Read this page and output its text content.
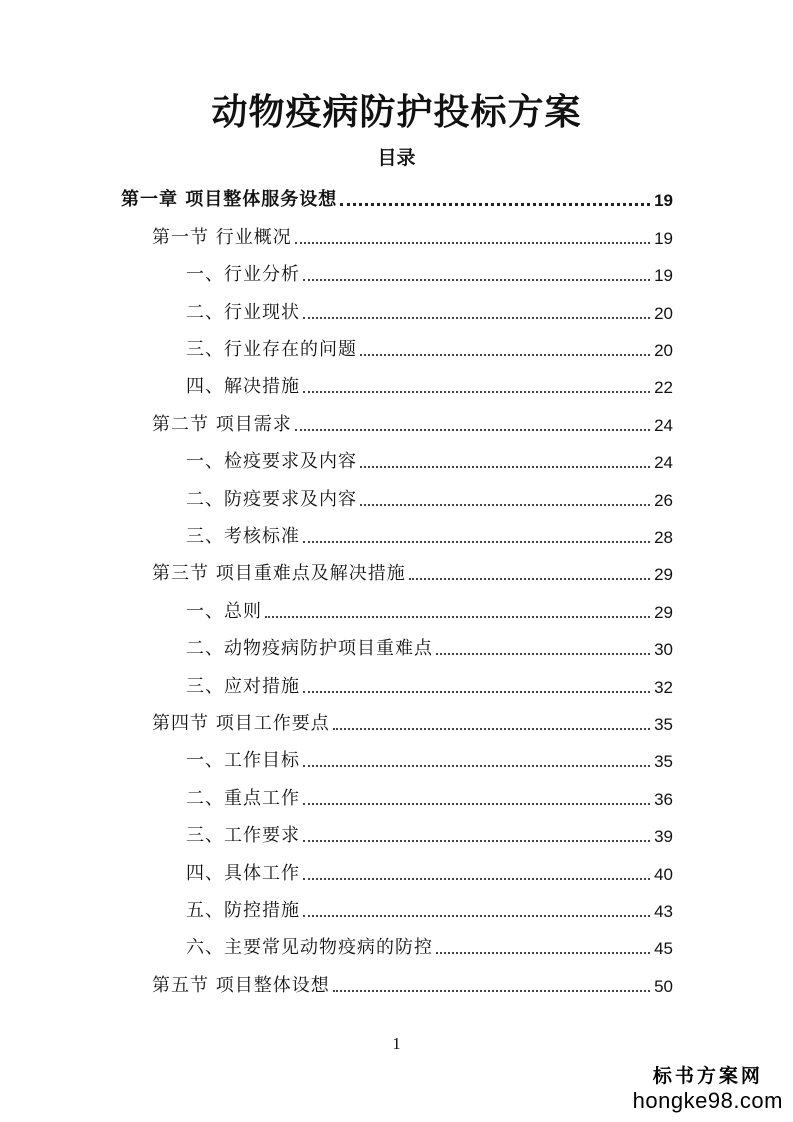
动物疫病防护投标方案
目录
第一章 项目整体服务设想	19
第一节 行业概况	19
一、行业分析	19
二、行业现状	20
三、行业存在的问题	20
四、解决措施	22
第二节 项目需求	24
一、检疫要求及内容	24
二、防疫要求及内容	26
三、考核标准	28
第三节 项目重难点及解决措施	29
一、总则	29
二、动物疫病防护项目重难点	30
三、应对措施	32
第四节 项目工作要点	35
一、工作目标	35
二、重点工作	36
三、工作要求	39
四、具体工作	40
五、防控措施	43
六、主要常见动物疫病的防控	45
第五节 项目整体设想	50
1
标书方案网
hongke98.com
